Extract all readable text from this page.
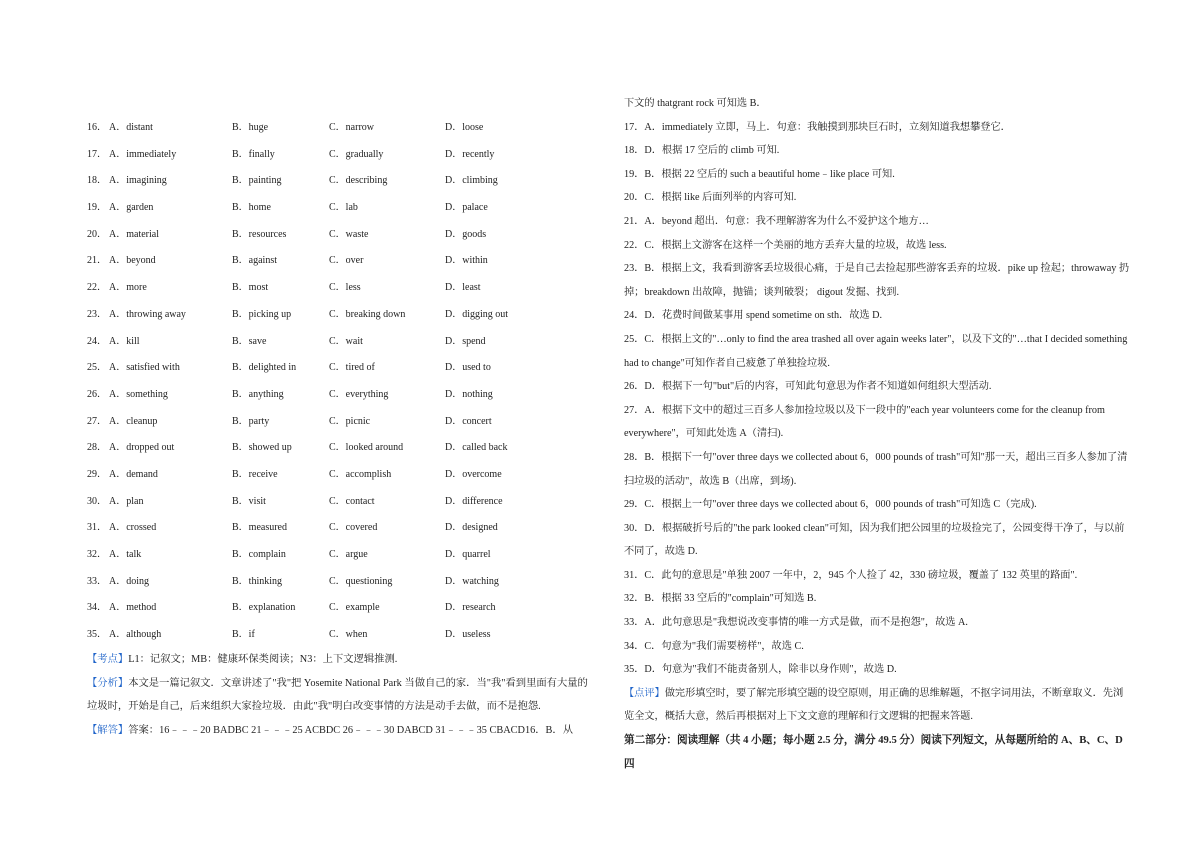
16． A．distant	B．huge	C．narrow	D．loose
17． A．immediately	B．finally	C．gradually	D．recently
18． A．imagining	B．painting	C．describing	D．climbing
19． A．garden	B．home	C．lab	D．palace
20． A．material	B．resources	C．waste	D．goods
21． A．beyond	B．against	C．over	D．within
22． A．more	B．most	C．less	D．least
23． A．throwing away	B．picking up	C．breaking down	D．digging out
24． A．kill	B．save	C．wait	D．spend
25． A．satisfied with	B．delighted in	C．tired of	D．used to
26． A．something	B．anything	C．everything	D．nothing
27． A．cleanup	B．party	C．picnic	D．concert
28． A．dropped out	B．showed up	C．looked around	D．called back
29． A．demand	B．receive	C．accomplish	D．overcome
30． A．plan	B．visit	C．contact	D．difference
31． A．crossed	B．measured	C．covered	D．designed
32． A．talk	B．complain	C．argue	D．quarrel
33． A．doing	B．thinking	C．questioning	D．watching
34． A．method	B．explanation	C．example	D．research
35． A．although	B．if	C．when	D．useless
【考点】L1：记叙文；MB：健康环保类阅读；N3：上下文逻辑推测.
【分析】本文是一篇记叙文．文章讲述了"我"把 Yosemite National Park 当做自己的家．当"我"看到里面有大量的垃圾时，开始是自己，后来组织大家捡垃圾．由此"我"明白改变事情的方法是动手去做，而不是抱怨.
【解答】答案：16﹣﹣﹣20 BADBC 21﹣﹣﹣25 ACBDC 26﹣﹣﹣30 DABCD 31﹣﹣﹣35 CBACD16．B．从

下文的 thatgrant rock 可知选 B．

17．A．immediately 立即，马上．句意：我触摸到那块巨石时，立刻知道我想攀登它．

18．D．根据 17 空后的 climb 可知.

19．B．根据 22 空后的 such a beautiful home﹣like place 可知.

20．C．根据 like 后面列举的内容可知.

21．A．beyond 超出．句意：我不理解游客为什么不爱护这个地方…

22．C．根据上文游客在这样一个美丽的地方丢弃大量的垃圾，故选 less.

23．B．根据上文，我看到游客丢垃圾很心痛，于是自己去捡起那些游客丢弃的垃圾．pike up 捡起；throwaway 扔掉；breakdown 出故障，抛锚；谈判破裂； digout 发掘、找到.

24．D．花费时间做某事用 spend sometime on sth．故选 D.

25．C．根据上文的"…only to find the area trashed all over again weeks later"，以及下文的"…that I decided something had to change"可知作者自己疲惫了单独捡垃圾.

26．D．根据下一句"but"后的内容，可知此句意思为作者不知道如何组织大型活动.

27．A．根据下文中的超过三百多人参加捡垃圾以及下一段中的"each year volunteers come for the cleanup from everywhere"，可知此处选 A（清扫).

28．B．根据下一句"over three days we collected about 6，000 pounds of trash"可知"那一天，超出三百多人参加了清扫垃圾的活动"，故选 B（出席，到场).

29．C．根据上一句"over three days we collected about 6，000 pounds of trash"可知选 C（完成).

30．D．根据破折号后的"the park looked clean"可知，因为我们把公园里的垃圾捡完了，公园变得干净了，与以前不同了，故选 D.

31．C．此句的意思是"单独 2007 一年中，2，945 个人捡了 42，330 磅垃圾，覆盖了 132 英里的路面".

32．B．根据 33 空后的"complain"可知选 B.

33．A．此句意思是"我想说改变事情的唯一方式是做，而不是抱怨"，故选 A.

34．C．句意为"我们需要榜样"，故选 C.

35．D．句意为"我们不能责备别人，除非以身作则"，故选 D.

【点评】做完形填空时，要了解完形填空题的设空原则，用正确的思维解题，不抠字词用法，不断章取义．先浏览全文，概括大意，然后再根据对上下文文意的理解和行文逻辑的把握来答题.

第二部分：阅读理解（共 4 小题；每小题 2.5 分，满分 49.5 分）阅读下列短文，从每题所给的 A、B、C、D 四
